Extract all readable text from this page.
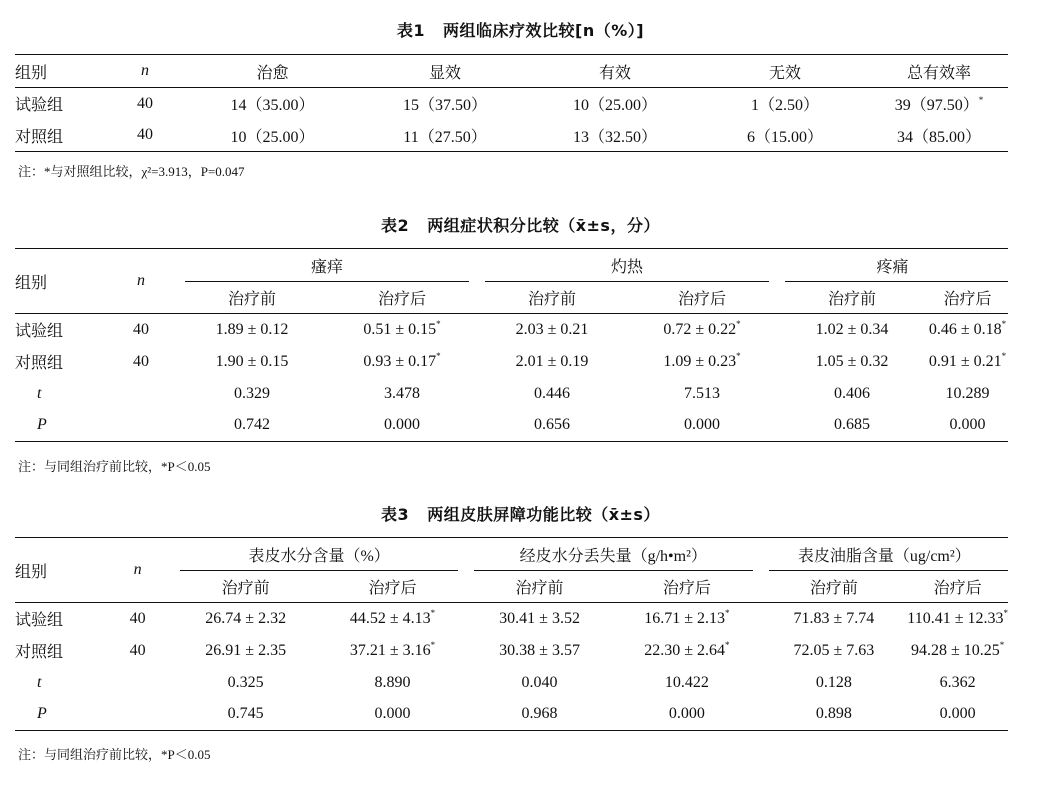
表1 两组临床疗效比较[n（%）]
组别	n	治愈	显效	有效	无效	总有效率
试验组	40	14（35.00）	15（37.50）	10（25.00）	1（2.50）	39（97.50）*
对照组	40	10（25.00）	11（27.50）	13（32.50）	6（15.00）	34（85.00）
注：*与对照组比较，χ²=3.913，P=0.047
表2 两组症状积分比较（x̄±s，分）
组别	n	瘙痒		灼热		疼痛	

		治疗前	治疗后	治疗前	治疗后	治疗前	治疗后
试验组	40	1.89 ± 0.12	0.51 ± 0.15*	2.03 ± 0.21	0.72 ± 0.22*	1.02 ± 0.34	0.46 ± 0.18*
对照组	40	1.90 ± 0.15	0.93 ± 0.17*	2.01 ± 0.19	1.09 ± 0.23*	1.05 ± 0.32	0.91 ± 0.21*
t		0.329	3.478	0.446	7.513	0.406	10.289
P		0.742	0.000	0.656	0.000	0.685	0.000
注：与同组治疗前比较，*P＜0.05
表3 两组皮肤屏障功能比较（x̄±s）
组别	n	表皮水分含量（%）		经皮水分丢失量（g/h•m²）		表皮油脂含量（ug/cm²）	

		治疗前	治疗后	治疗前	治疗后	治疗前	治疗后
试验组	40	26.74 ± 2.32	44.52 ± 4.13*	30.41 ± 3.52	16.71 ± 2.13*	71.83 ± 7.74	110.41 ± 12.33*
对照组	40	26.91 ± 2.35	37.21 ± 3.16*	30.38 ± 3.57	22.30 ± 2.64*	72.05 ± 7.63	94.28 ± 10.25*
t		0.325	8.890	0.040	10.422	0.128	6.362
P		0.745	0.000	0.968	0.000	0.898	0.000
注：与同组治疗前比较，*P＜0.05
